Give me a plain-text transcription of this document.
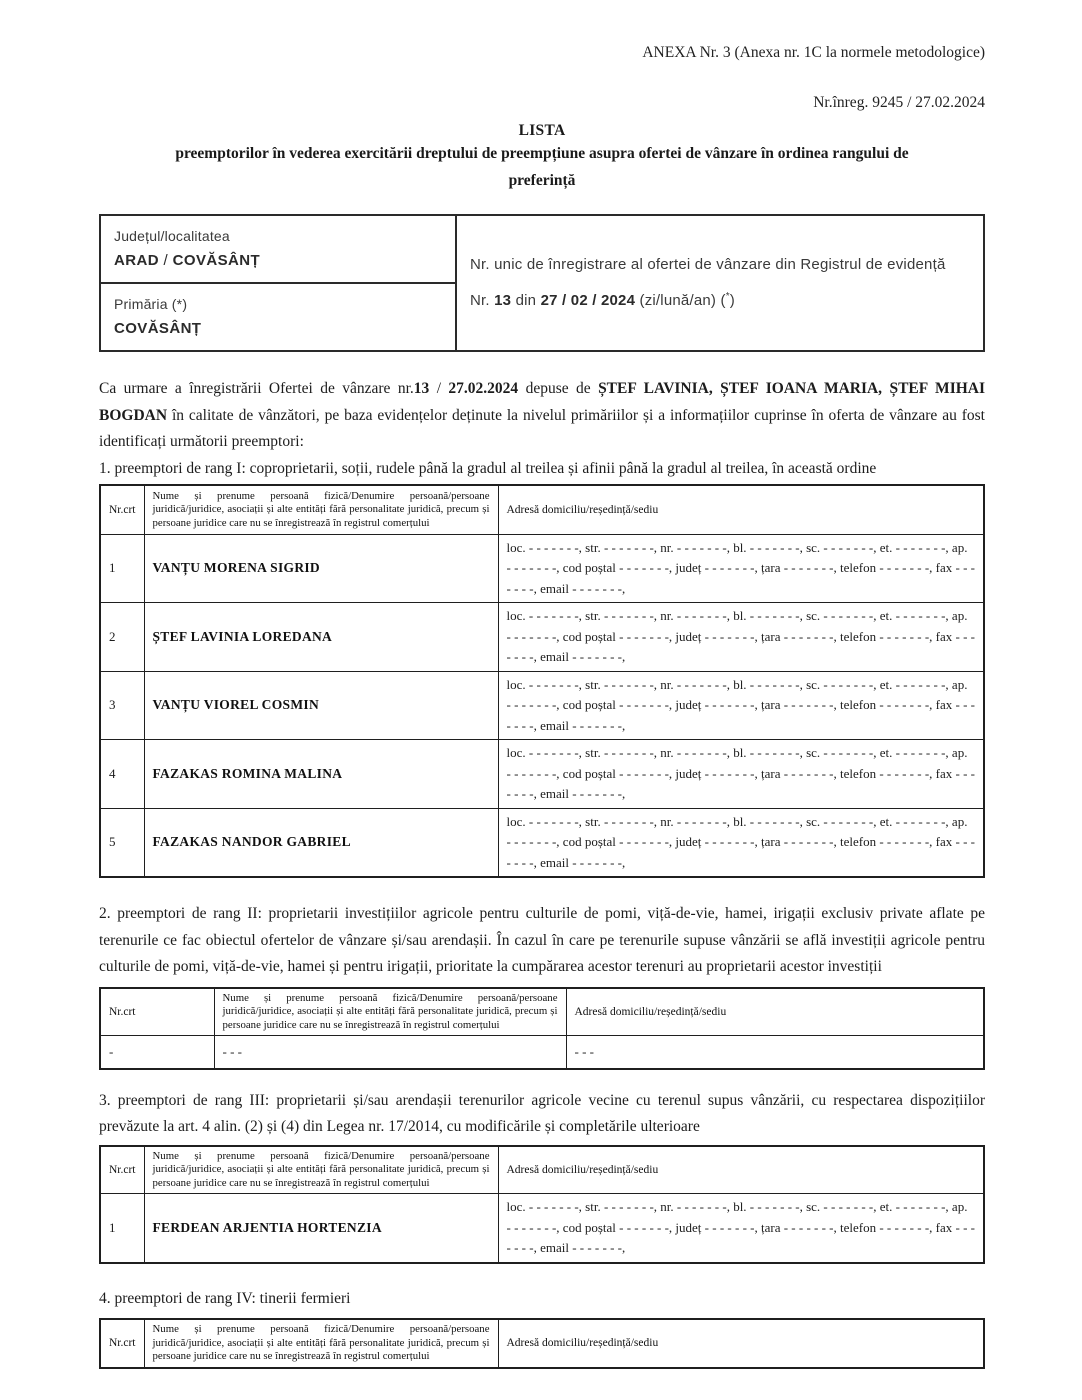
ANEXA Nr. 3 (Anexa nr. 1C la normele metodologice)
Nr.înreg. 9245 / 27.02.2024
LISTA
preemptorilor în vederea exercitării dreptului de preempțiune asupra ofertei de vânzare în ordinea rangului de
preferință
Județul/localitatea
ARAD / COVĂSÂNȚ	Nr. unic de înregistrare al ofertei de vânzare din Registrul de evidență
Nr. 13 din 27 / 02 / 2024 (zi/lună/an) (*)

Primăria (*)
COVĂSÂNȚ
Ca urmare a înregistrării Ofertei de vânzare nr.13 / 27.02.2024 depuse de ȘTEF LAVINIA, ȘTEF IOANA MARIA, ȘTEF MIHAI BOGDAN în calitate de vânzători, pe baza evidențelor deținute la nivelul primăriilor și a informațiilor cuprinse în oferta de vânzare au fost identificați următorii preemptori:
1. preemptori de rang I: coproprietarii, soții, rudele până la gradul al treilea și afinii până la gradul al treilea, în această ordine
Nr.crt	Nume și prenume persoană fizică/Denumire persoană/persoane juridică/juridice, asociații și alte entități fără personalitate juridică, precum și persoane juridice care nu se înregistrează în registrul comerțului	Adresă domiciliu/reședință/sediu
1	VANȚU MORENA SIGRID	loc. - - - - - - -, str. - - - - - - -, nr. - - - - - - -, bl. - - - - - - -, sc. - - - - - - -, et. - - - - - - -, ap. - - - - - - -, cod poștal - - - - - - -, județ - - - - - - -, țara - - - - - - -, telefon - - - - - - -, fax - - - - - - -, email - - - - - - -,
2	ȘTEF LAVINIA LOREDANA	loc. - - - - - - -, str. - - - - - - -, nr. - - - - - - -, bl. - - - - - - -, sc. - - - - - - -, et. - - - - - - -, ap. - - - - - - -, cod poștal - - - - - - -, județ - - - - - - -, țara - - - - - - -, telefon - - - - - - -, fax - - - - - - -, email - - - - - - -,
3	VANȚU VIOREL COSMIN	loc. - - - - - - -, str. - - - - - - -, nr. - - - - - - -, bl. - - - - - - -, sc. - - - - - - -, et. - - - - - - -, ap. - - - - - - -, cod poștal - - - - - - -, județ - - - - - - -, țara - - - - - - -, telefon - - - - - - -, fax - - - - - - -, email - - - - - - -,
4	FAZAKAS ROMINA MALINA	loc. - - - - - - -, str. - - - - - - -, nr. - - - - - - -, bl. - - - - - - -, sc. - - - - - - -, et. - - - - - - -, ap. - - - - - - -, cod poștal - - - - - - -, județ - - - - - - -, țara - - - - - - -, telefon - - - - - - -, fax - - - - - - -, email - - - - - - -,
5	FAZAKAS NANDOR GABRIEL	loc. - - - - - - -, str. - - - - - - -, nr. - - - - - - -, bl. - - - - - - -, sc. - - - - - - -, et. - - - - - - -, ap. - - - - - - -, cod poștal - - - - - - -, județ - - - - - - -, țara - - - - - - -, telefon - - - - - - -, fax - - - - - - -, email - - - - - - -,
2. preemptori de rang II: proprietarii investițiilor agricole pentru culturile de pomi, viță-de-vie, hamei, irigații exclusiv private aflate pe terenurile ce fac obiectul ofertelor de vânzare și/sau arendașii. În cazul în care pe terenurile supuse vânzării se află investiții agricole pentru culturile de pomi, viță-de-vie, hamei și pentru irigații, prioritate la cumpărarea acestor terenuri au proprietarii acestor investiții
Nr.crt	Nume și prenume persoană fizică/Denumire persoană/persoane juridică/juridice, asociații și alte entități fără personalitate juridică, precum și persoane juridice care nu se înregistrează în registrul comerțului	Adresă domiciliu/reședință/sediu
-	- - -	- - -
3. preemptori de rang III: proprietarii și/sau arendașii terenurilor agricole vecine cu terenul supus vânzării, cu respectarea dispozițiilor prevăzute la art. 4 alin. (2) și (4) din Legea nr. 17/2014, cu modificările și completările ulterioare
Nr.crt	Nume și prenume persoană fizică/Denumire persoană/persoane juridică/juridice, asociații și alte entități fără personalitate juridică, precum și persoane juridice care nu se înregistrează în registrul comerțului	Adresă domiciliu/reședință/sediu
1	FERDEAN ARJENTIA HORTENZIA	loc. - - - - - - -, str. - - - - - - -, nr. - - - - - - -, bl. - - - - - - -, sc. - - - - - - -, et. - - - - - - -, ap. - - - - - - -, cod poștal - - - - - - -, județ - - - - - - -, țara - - - - - - -, telefon - - - - - - -, fax - - - - - - -, email - - - - - - -,
4. preemptori de rang IV: tinerii fermieri
Nr.crt	Nume și prenume persoană fizică/Denumire persoană/persoane juridică/juridice, asociații și alte entități fără personalitate juridică, precum și persoane juridice care nu se înregistrează în registrul comerțului	Adresă domiciliu/reședință/sediu
